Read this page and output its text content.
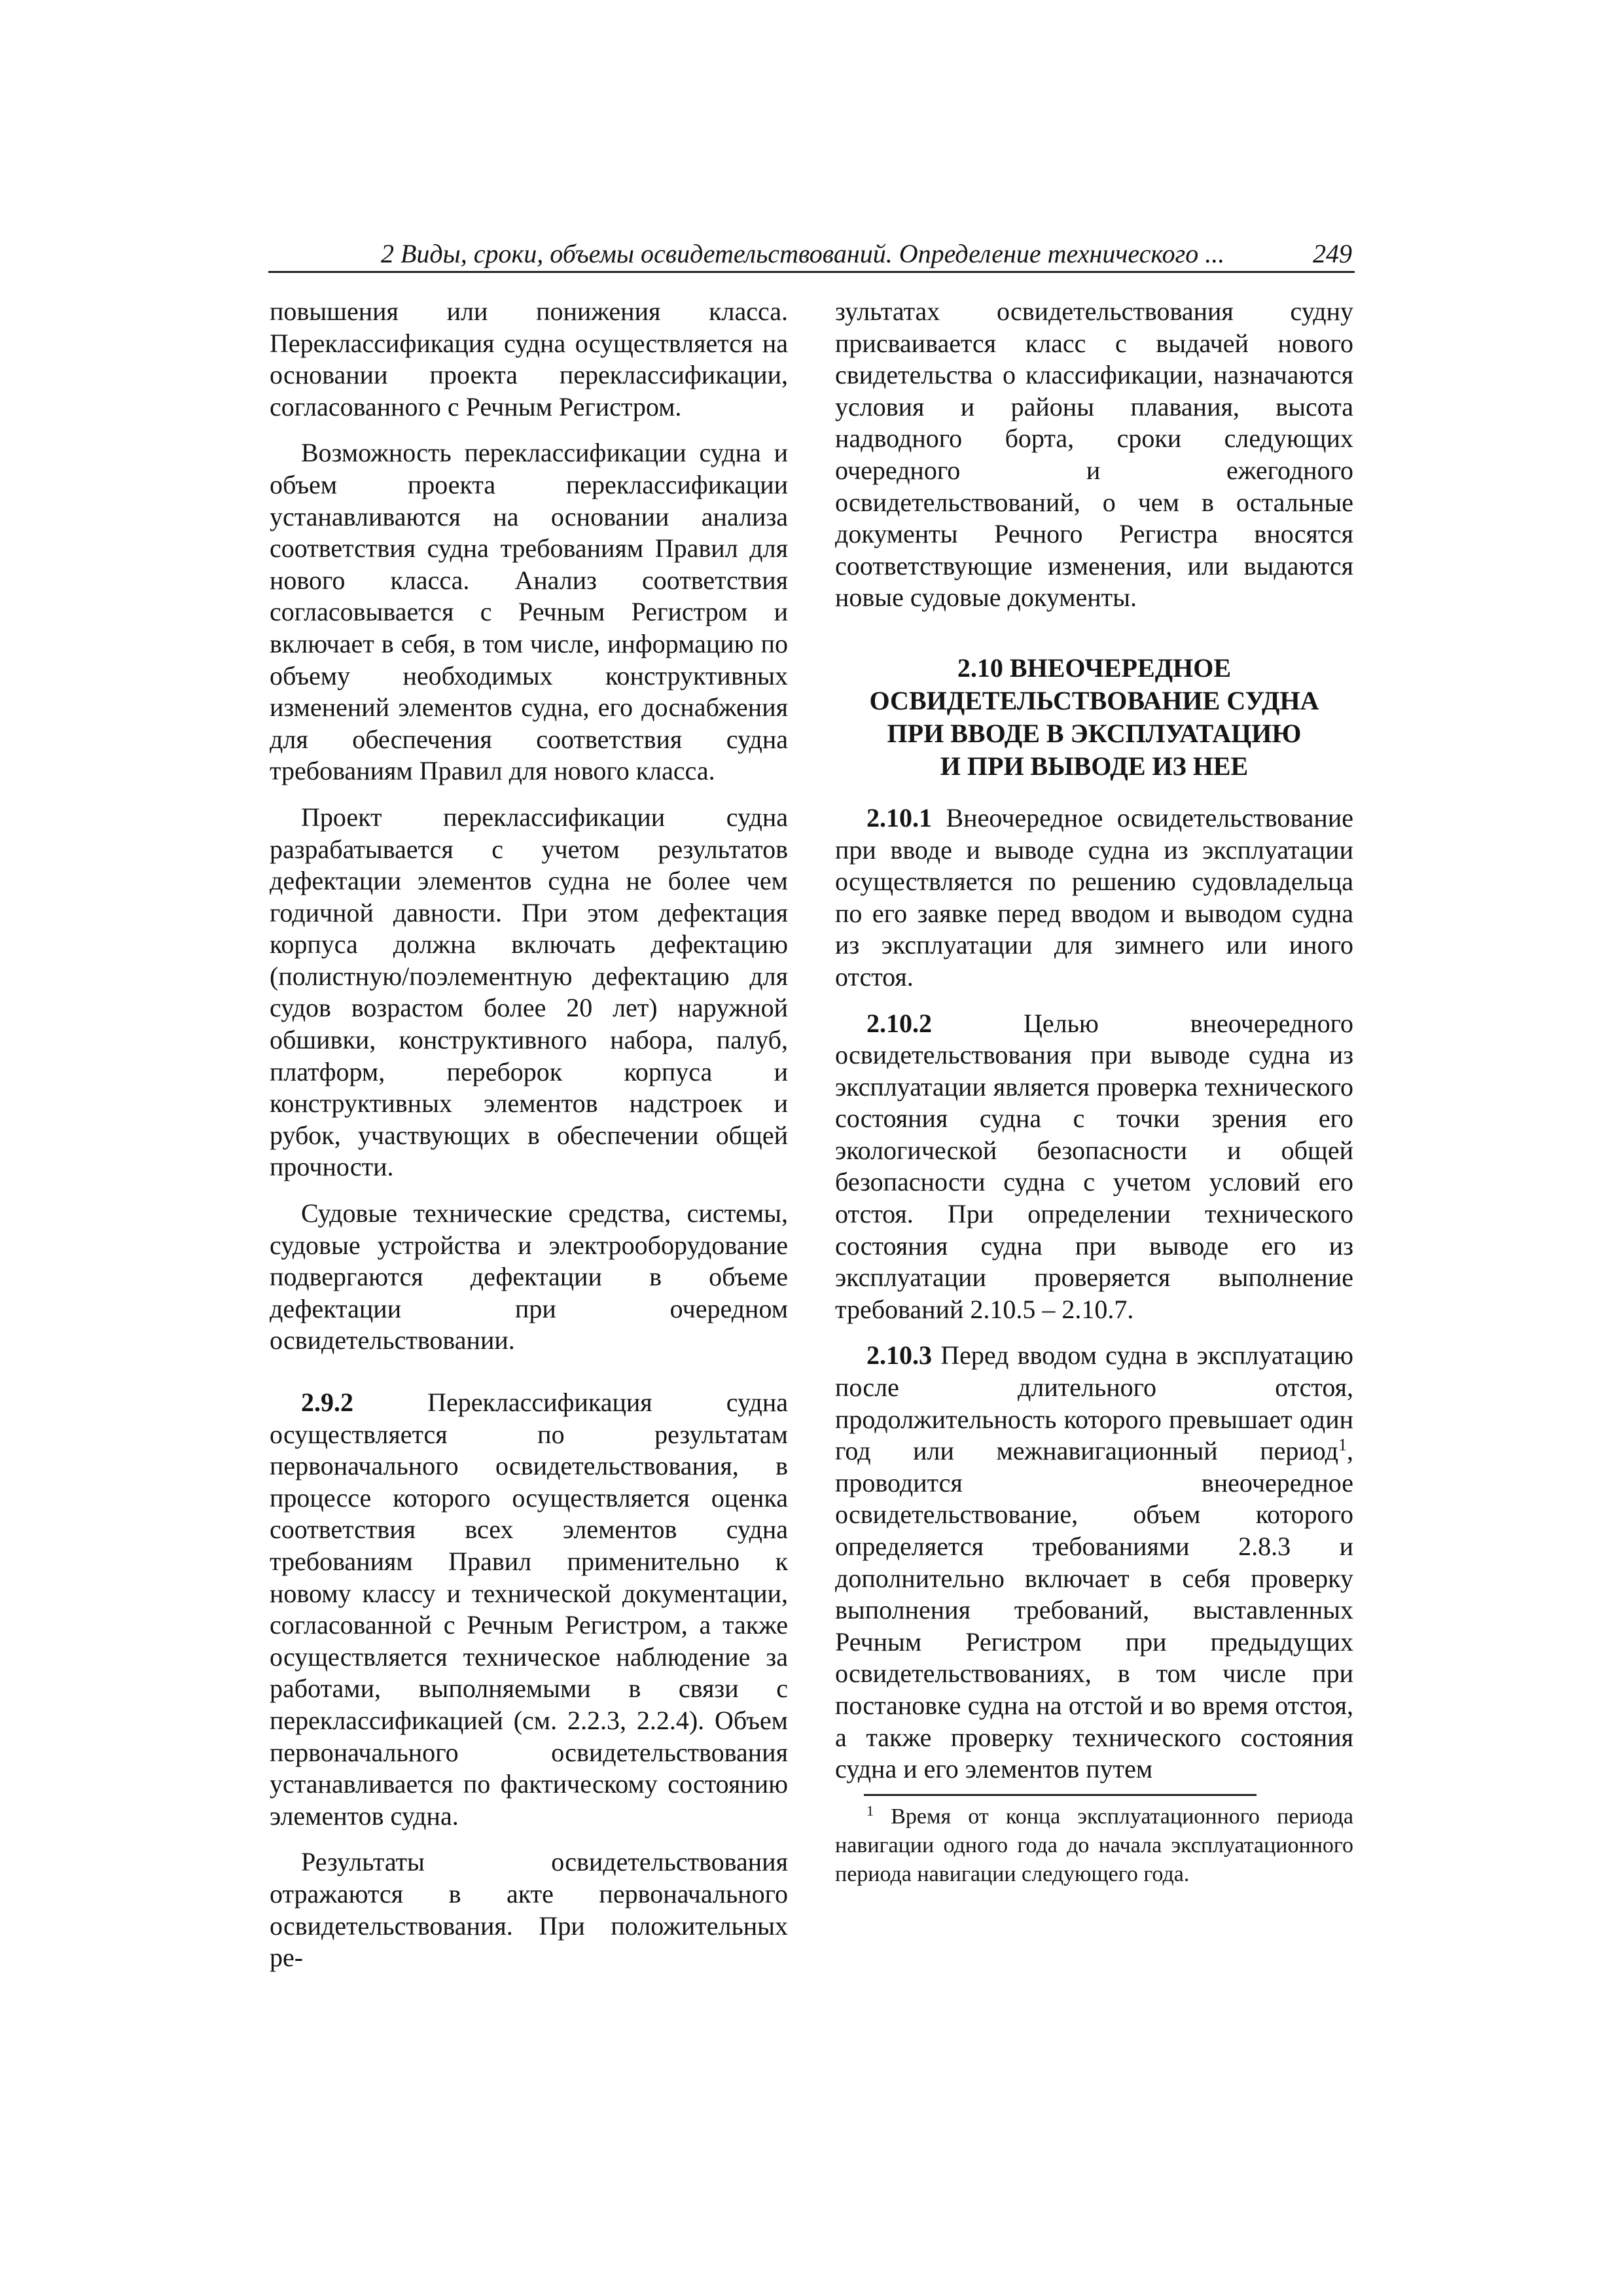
2 Виды, сроки, объемы освидетельствований. Определение технического ...	249

повышения или понижения класса. Переклассификация судна осуществляется на основании проекта переклассификации, согласованного с Речным Регистром.

Возможность переклассификации судна и объем проекта переклассификации устанавливаются на основании анализа соответствия судна требованиям Правил для нового класса. Анализ соответствия согласовывается с Речным Регистром и включает в себя, в том числе, информацию по объему необходимых конструктивных изменений элементов судна, его доснабжения для обеспечения соответствия судна требованиям Правил для нового класса.

Проект переклассификации судна разрабатывается с учетом результатов дефектации элементов судна не более чем годичной давности. При этом дефектация корпуса должна включать дефектацию (полистную/поэлементную дефектацию для судов возрастом более 20 лет) наружной обшивки, конструктивного набора, палуб, платформ, переборок корпуса и конструктивных элементов надстроек и рубок, участвующих в обеспечении общей прочности.

Судовые технические средства, системы, судовые устройства и электрооборудование подвергаются дефектации в объеме дефектации при очередном освидетельствовании.

2.9.2 Переклассификация судна осуществляется по результатам первоначального освидетельствования, в процессе которого осуществляется оценка соответствия всех элементов судна требованиям Правил применительно к новому классу и технической документации, согласованной с Речным Регистром, а также осуществляется техническое наблюдение за работами, выполняемыми в связи с переклассификацией (см. 2.2.3, 2.2.4). Объем первоначального освидетельствования устанавливается по фактическому состоянию элементов судна.

Результаты освидетельствования отражаются в акте первоначального освидетельствования. При положительных ре-

зультатах освидетельствования судну присваивается класс с выдачей нового свидетельства о классификации, назначаются условия и районы плавания, высота надводного борта, сроки следующих очередного и ежегодного освидетельствований, о чем в остальные документы Речного Регистра вносятся соответствующие изменения, или выдаются новые судовые документы.

2.10 ВНЕОЧЕРЕДНОЕ
ОСВИДЕТЕЛЬСТВОВАНИЕ СУДНА
ПРИ ВВОДЕ В ЭКСПЛУАТАЦИЮ
И ПРИ ВЫВОДЕ ИЗ НЕЕ

2.10.1 Внеочередное освидетельствование при вводе и выводе судна из эксплуатации осуществляется по решению судовладельца по его заявке перед вводом и выводом судна из эксплуатации для зимнего или иного отстоя.

2.10.2 Целью внеочередного освидетельствования при выводе судна из эксплуатации является проверка технического состояния судна с точки зрения его экологической безопасности и общей безопасности судна с учетом условий его отстоя. При определении технического состояния судна при выводе его из эксплуатации проверяется выполнение требований 2.10.5 – 2.10.7.

2.10.3 Перед вводом судна в эксплуатацию после длительного отстоя, продолжительность которого превышает один год или межнавигационный период$^1$, проводится внеочередное освидетельствование, объем которого определяется требованиями 2.8.3 и дополнительно включает в себя проверку выполнения требований, выставленных Речным Регистром при предыдущих освидетельствованиях, в том числе при постановке судна на отстой и во время отстоя, а также проверку технического состояния судна и его элементов путем

$^1$ Время от конца эксплуатационного периода навигации одного года до начала эксплуатационного периода навигации следующего года.
